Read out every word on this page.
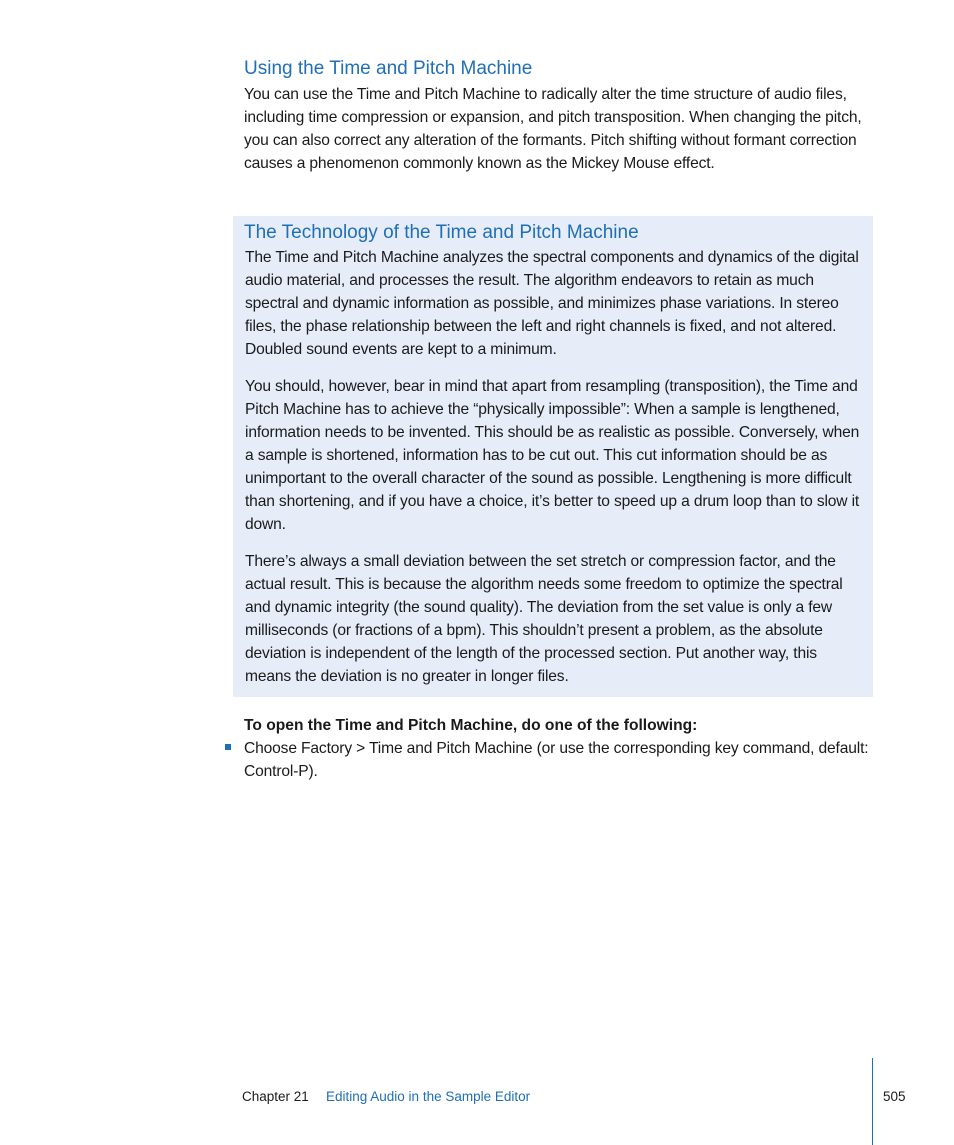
Using the Time and Pitch Machine

You can use the Time and Pitch Machine to radically alter the time structure of audio files, including time compression or expansion, and pitch transposition. When changing the pitch, you can also correct any alteration of the formants. Pitch shifting without formant correction causes a phenomenon commonly known as the Mickey Mouse effect.

The Technology of the Time and Pitch Machine

The Time and Pitch Machine analyzes the spectral components and dynamics of the digital audio material, and processes the result. The algorithm endeavors to retain as much spectral and dynamic information as possible, and minimizes phase variations. In stereo files, the phase relationship between the left and right channels is fixed, and not altered. Doubled sound events are kept to a minimum.

You should, however, bear in mind that apart from resampling (transposition), the Time and Pitch Machine has to achieve the “physically impossible”: When a sample is lengthened, information needs to be invented. This should be as realistic as possible. Conversely, when a sample is shortened, information has to be cut out. This cut information should be as unimportant to the overall character of the sound as possible. Lengthening is more difficult than shortening, and if you have a choice, it’s better to speed up a drum loop than to slow it down.

There’s always a small deviation between the set stretch or compression factor, and the actual result. This is because the algorithm needs some freedom to optimize the spectral and dynamic integrity (the sound quality). The deviation from the set value is only a few milliseconds (or fractions of a bpm). This shouldn’t present a problem, as the absolute deviation is independent of the length of the processed section. Put another way, this means the deviation is no greater in longer files.

To open the Time and Pitch Machine, do one of the following:

Choose Factory > Time and Pitch Machine (or use the corresponding key command, default: Control-P).

Chapter 21 Editing Audio in the Sample Editor	505
